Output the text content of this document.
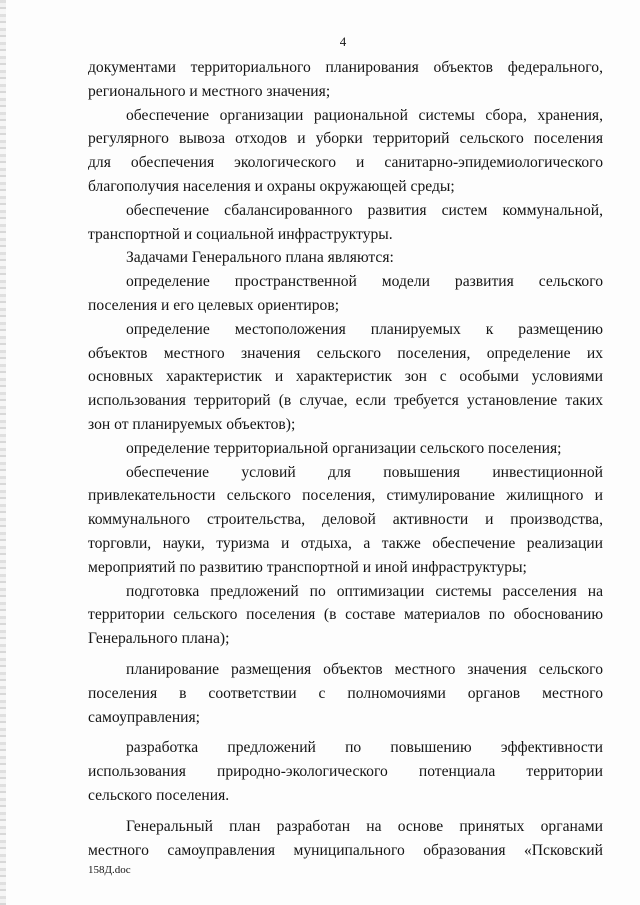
4
документами территориального планирования объектов федерального,
регионального и местного значения;
обеспечение организации рациональной системы сбора, хранения,
регулярного вывоза отходов и уборки территорий сельского поселения
для обеспечения экологического и санитарно-эпидемиологического
благополучия населения и охраны окружающей среды;
обеспечение сбалансированного развития систем коммунальной,
транспортной и социальной инфраструктуры.
Задачами Генерального плана являются:
определение пространственной модели развития сельского
поселения и его целевых ориентиров;
определение местоположения планируемых к размещению
объектов местного значения сельского поселения, определение их
основных характеристик и характеристик зон с особыми условиями
использования территорий (в случае, если требуется установление таких
зон от планируемых объектов);
определение территориальной организации сельского поселения;
обеспечение условий для повышения инвестиционной
привлекательности сельского поселения, стимулирование жилищного и
коммунального строительства, деловой активности и производства,
торговли, науки, туризма и отдыха, а также обеспечение реализации
мероприятий по развитию транспортной и иной инфраструктуры;
подготовка предложений по оптимизации системы расселения на
территории сельского поселения (в составе материалов по обоснованию
Генерального плана);
планирование размещения объектов местного значения сельского
поселения в соответствии с полномочиями органов местного
самоуправления;
разработка предложений по повышению эффективности
использования природно-экологического потенциала территории
сельского поселения.
Генеральный план разработан на основе принятых органами
местного самоуправления муниципального образования «Псковский
158Д.doc
